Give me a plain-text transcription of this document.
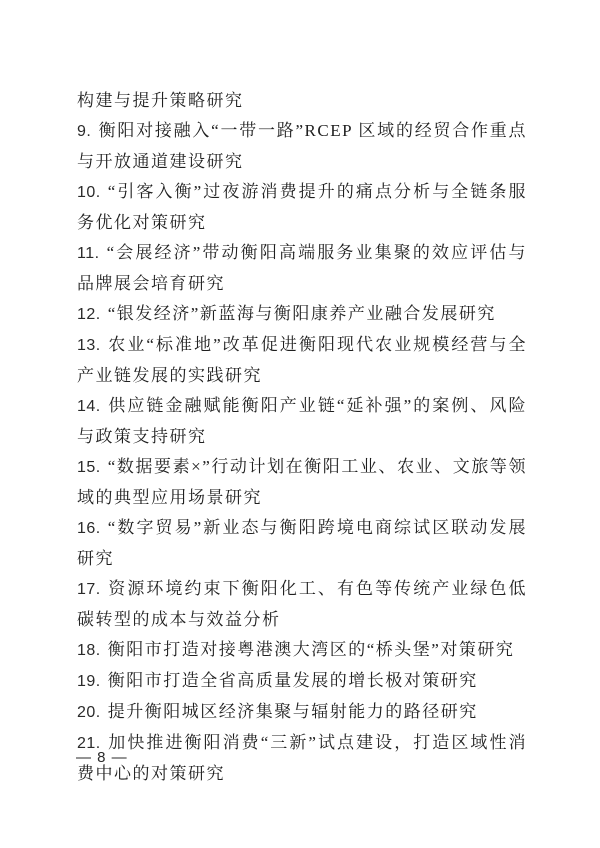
构建与提升策略研究

9. 衡阳对接融入“一带一路”RCEP 区域的经贸合作重点与开放通道建设研究

10. “引客入衡”过夜游消费提升的痛点分析与全链条服务优化对策研究

11. “会展经济”带动衡阳高端服务业集聚的效应评估与品牌展会培育研究

12. “银发经济”新蓝海与衡阳康养产业融合发展研究

13. 农业“标准地”改革促进衡阳现代农业规模经营与全产业链发展的实践研究

14. 供应链金融赋能衡阳产业链“延补强”的案例、风险与政策支持研究

15. “数据要素×”行动计划在衡阳工业、农业、文旅等领域的典型应用场景研究

16. “数字贸易”新业态与衡阳跨境电商综试区联动发展研究

17. 资源环境约束下衡阳化工、有色等传统产业绿色低碳转型的成本与效益分析

18. 衡阳市打造对接粤港澳大湾区的“桥头堡”对策研究

19. 衡阳市打造全省高质量发展的增长极对策研究

20. 提升衡阳城区经济集聚与辐射能力的路径研究

21. 加快推进衡阳消费“三新”试点建设，打造区域性消费中心的对策研究

— 8 —
